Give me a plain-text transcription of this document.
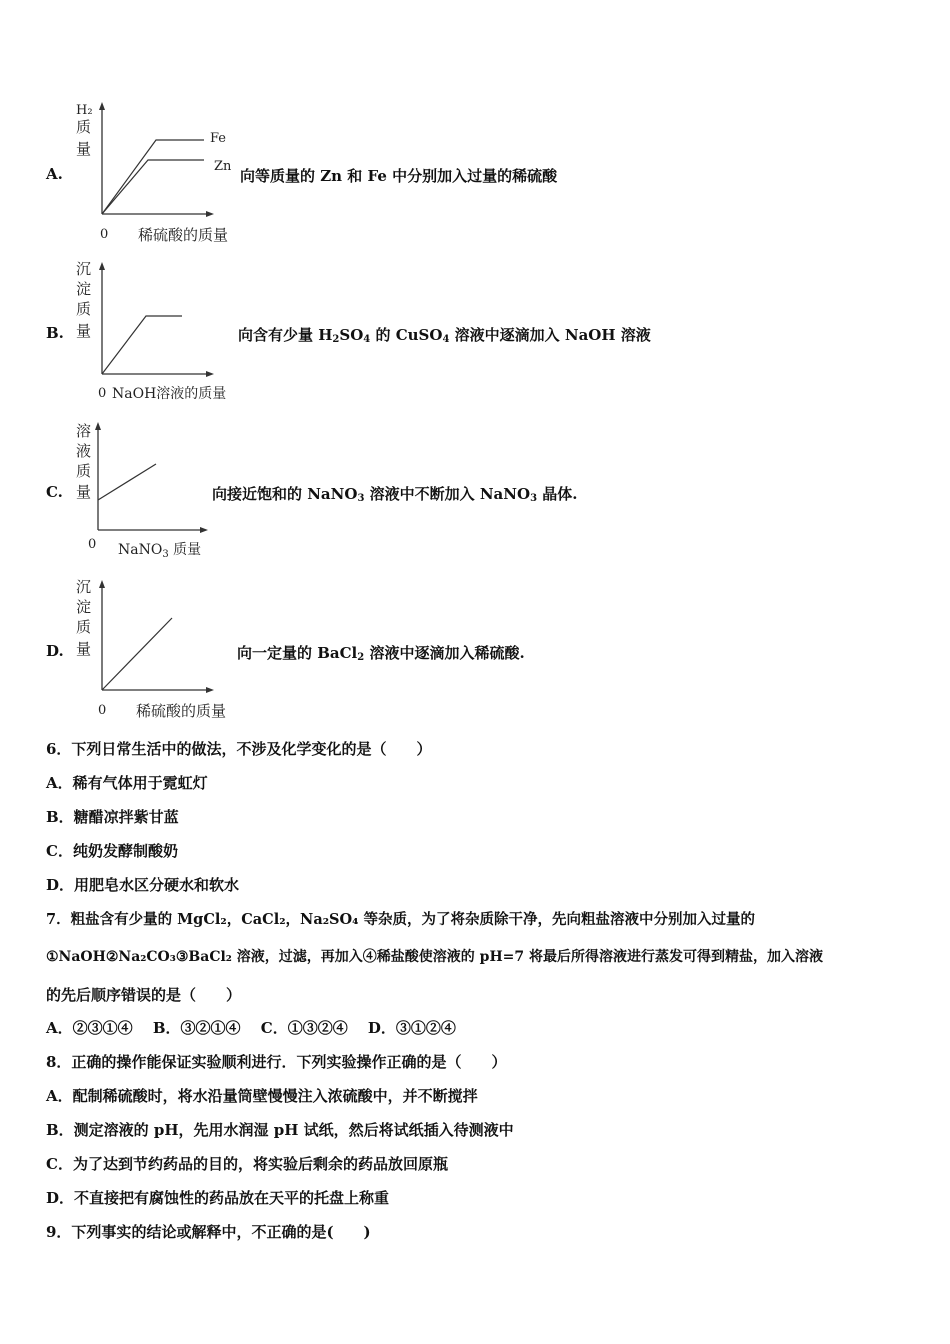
A.
H₂
质
量
Fe
Zn
0 稀硫酸的质量
向等质量的 Zn 和 Fe 中分别加入过量的稀硫酸
B.
沉
淀
质
量
0 NaOH溶液的质量
向含有少量 $H_2SO_4$ 的 CuSO$_4$ 溶液中逐滴加入 NaOH 溶液
C.
溶
液
质
量
0 NaNO$_3$ 质量
向接近饱和的 NaNO$_3$ 溶液中不断加入 NaNO$_3$ 晶体.
D.
沉
淀
质
量
0 稀硫酸的质量
向一定量的 BaCl$_2$ 溶液中逐滴加入稀硫酸.
6．下列日常生活中的做法，不涉及化学变化的是（　　）
A．稀有气体用于霓虹灯
B．糖醋凉拌紫甘蓝
C．纯奶发酵制酸奶
D．用肥皂水区分硬水和软水
7．粗盐含有少量的 MgCl₂，CaCl₂，Na₂SO₄ 等杂质，为了将杂质除干净，先向粗盐溶液中分别加入过量的
①NaOH②Na₂CO₃③BaCl₂ 溶液，过滤，再加入④稀盐酸使溶液的 pH=7 将最后所得溶液进行蒸发可得到精盐，加入溶液
的先后顺序错误的是（　　）
A．②③①④　 B．③②①④　 C．①③②④　 D．③①②④
8．正确的操作能保证实验顺利进行．下列实验操作正确的是（　　）
A．配制稀硫酸时，将水沿量筒壁慢慢注入浓硫酸中，并不断搅拌
B．测定溶液的 pH，先用水润湿 pH 试纸，然后将试纸插入待测液中
C．为了达到节约药品的目的，将实验后剩余的药品放回原瓶
D．不直接把有腐蚀性的药品放在天平的托盘上称重
9．下列事实的结论或解释中，不正确的是(　　)
